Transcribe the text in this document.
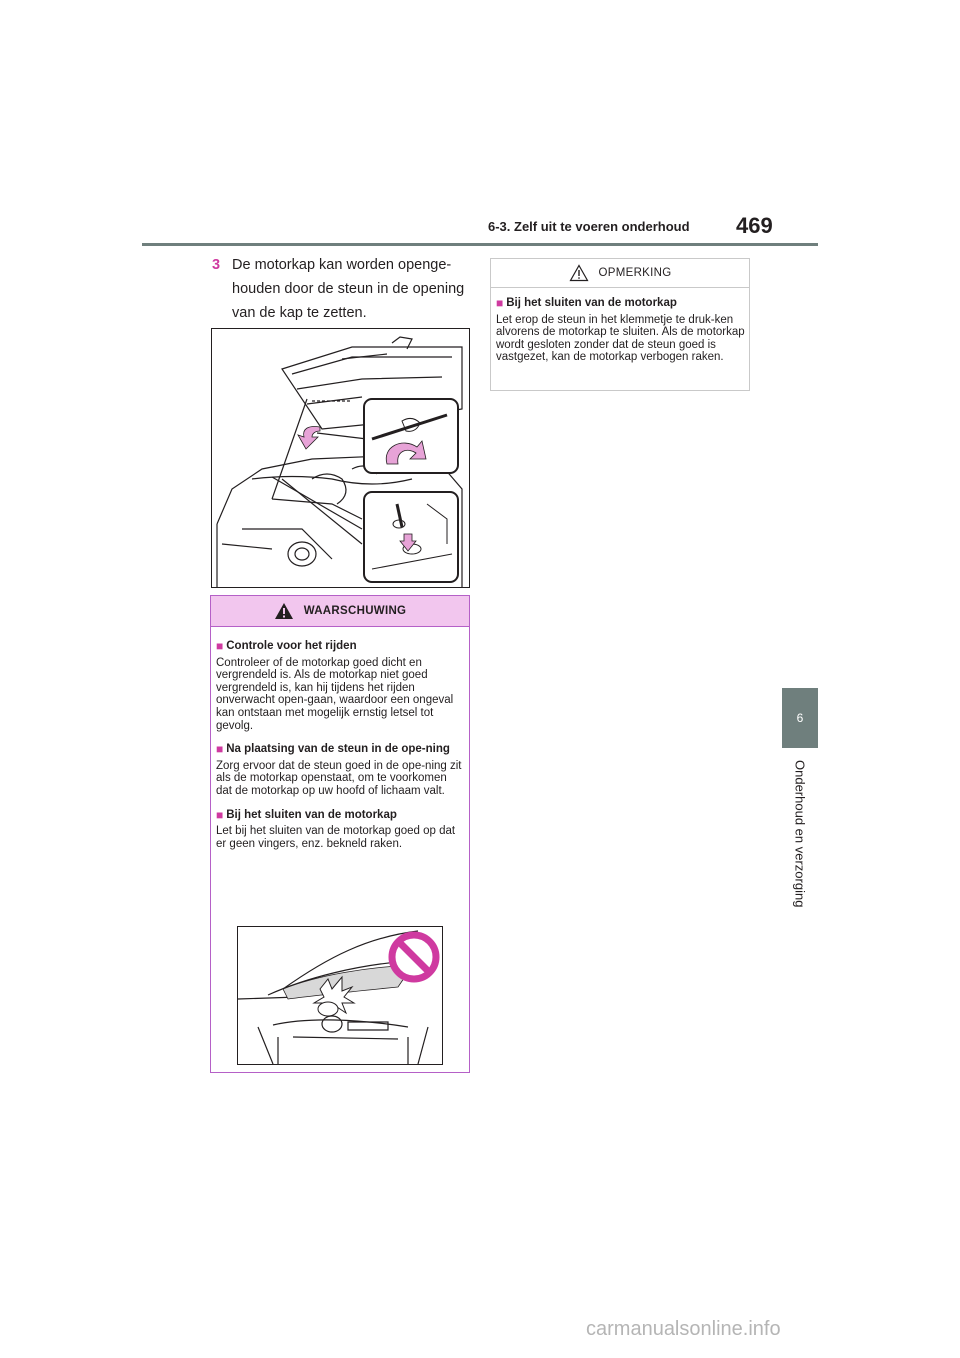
6-3. Zelf uit te voeren onderhoud 469
6
Onderhoud en verzorging
3 De motorkap kan worden openge-houden door de steun in de opening van de kap te zetten.
WAARSCHUWING
■ Controle voor het rijden
Controleer of de motorkap goed dicht en vergrendeld is. Als de motorkap niet goed vergrendeld is, kan hij tijdens het rijden onverwacht open-gaan, waardoor een ongeval kan ontstaan met mogelijk ernstig letsel tot gevolg.
■ Na plaatsing van de steun in de ope-ning
Zorg ervoor dat de steun goed in de ope-ning zit als de motorkap openstaat, om te voorkomen dat de motorkap op uw hoofd of lichaam valt.
■ Bij het sluiten van de motorkap
Let bij het sluiten van de motorkap goed op dat er geen vingers, enz. bekneld raken.
OPMERKING
■ Bij het sluiten van de motorkap
Let erop de steun in het klemmetje te druk-ken alvorens de motorkap te sluiten. Als de motorkap wordt gesloten zonder dat de steun goed is vastgezet, kan de motorkap verbogen raken.
carmanualsonline.info
